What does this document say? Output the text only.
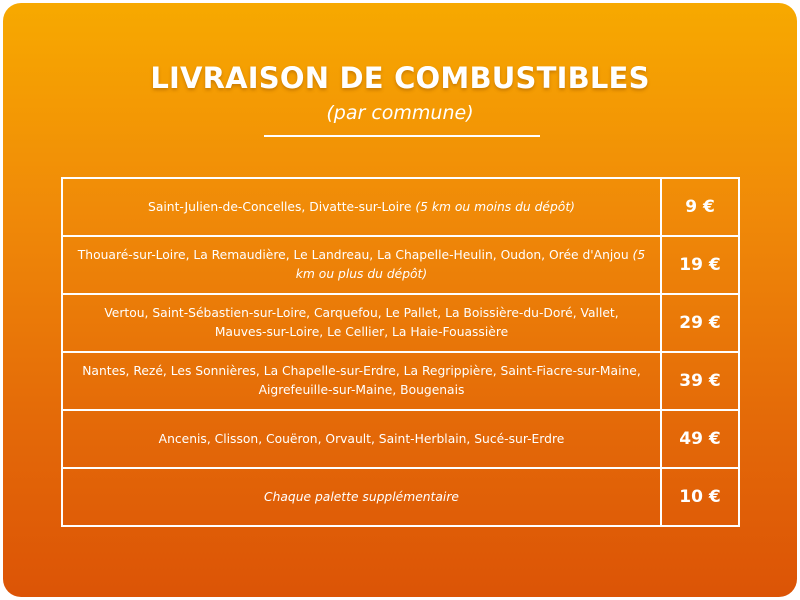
LIVRAISON DE COMBUSTIBLES

(par commune)

Saint-Julien-de-Concelles, Divatte-sur-Loire (5 km ou moins du dépôt)	9 €
Thouaré-sur-Loire, La Remaudière, Le Landreau, La Chapelle-Heulin, Oudon, Orée d'Anjou (5 km ou plus du dépôt)	19 €
Vertou, Saint-Sébastien-sur-Loire, Carquefou, Le Pallet, La Boissière-du-Doré, Vallet, Mauves-sur-Loire, Le Cellier, La Haie-Fouassière	29 €
Nantes, Rezé, Les Sonnières, La Chapelle-sur-Erdre, La Regrippière, Saint-Fiacre-sur-Maine, Aigrefeuille-sur-Maine, Bougenais	39 €
Ancenis, Clisson, Couëron, Orvault, Saint-Herblain, Sucé-sur-Erdre	49 €
Chaque palette supplémentaire	10 €
